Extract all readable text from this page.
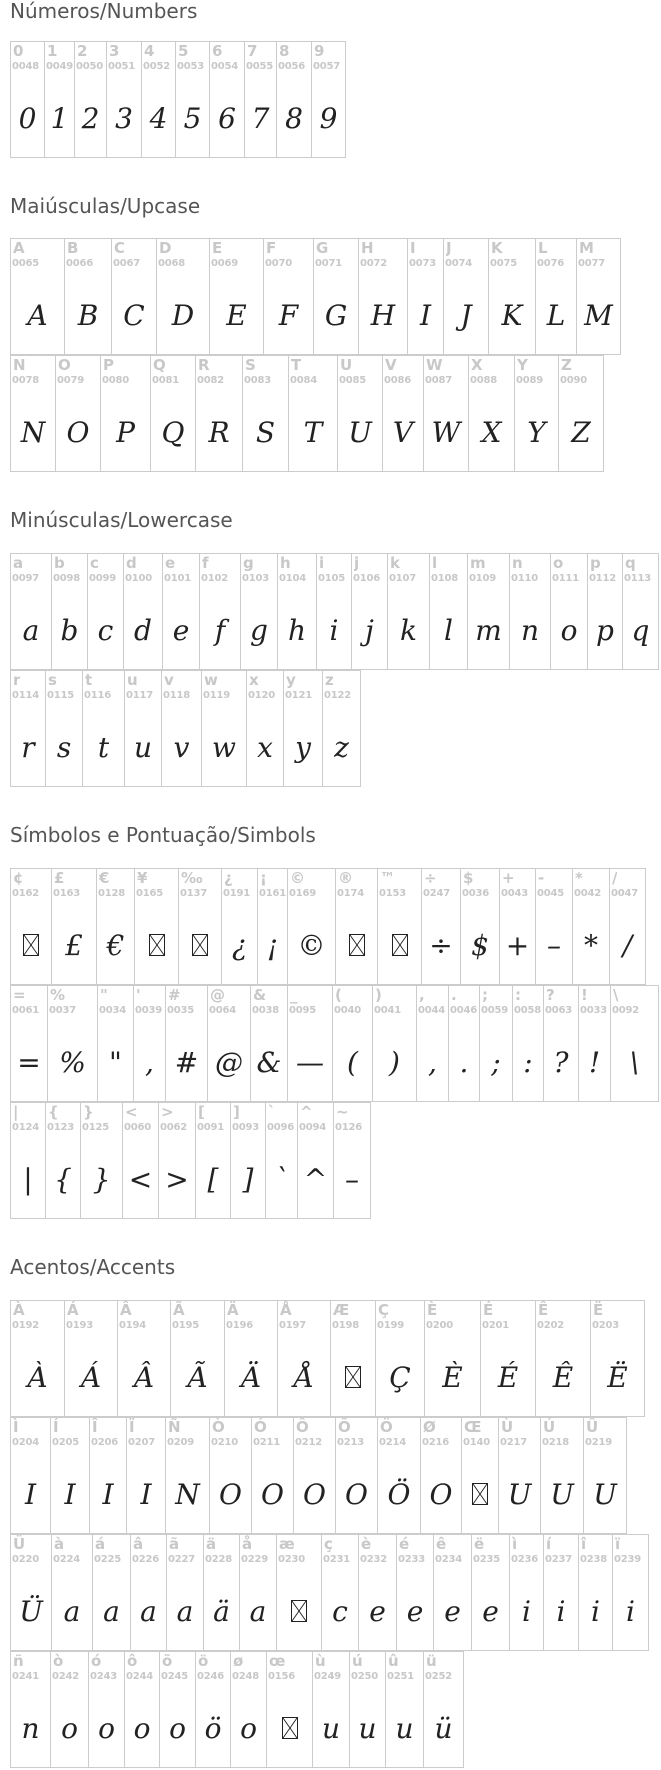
Números/Numbers
Maiúsculas/Upcase
Minúsculas/Lowercase
Símbolos e Pontuação/Simbols
Acentos/Accents
0
0048
0
1
0049
1
2
0050
2
3
0051
3
4
0052
4
5
0053
5
6
0054
6
7
0055
7
8
0056
8
9
0057
9
A
0065
A
B
0066
B
C
0067
C
D
0068
D
E
0069
E
F
0070
F
G
0071
G
H
0072
H
I
0073
I
J
0074
J
K
0075
K
L
0076
L
M
0077
M
N
0078
N
O
0079
O
P
0080
P
Q
0081
Q
R
0082
R
S
0083
S
T
0084
T
U
0085
U
V
0086
V
W
0087
W
X
0088
X
Y
0089
Y
Z
0090
Z
a
0097
a
b
0098
b
c
0099
c
d
0100
d
e
0101
e
f
0102
f
g
0103
g
h
0104
h
i
0105
i
j
0106
j
k
0107
k
l
0108
l
m
0109
m
n
0110
n
o
0111
o
p
0112
p
q
0113
q
r
0114
r
s
0115
s
t
0116
t
u
0117
u
v
0118
v
w
0119
w
x
0120
x
y
0121
y
z
0122
z
¢
0162
£
0163
£
€
0128
€
¥
0165
‰
0137
¿
0191
¿
¡
0161
¡
©
0169
©
®
0174
™
0153
÷
0247
÷
$
0036
$
+
0043
+
-
0045
–
*
0042
*
/
0047
/
=
0061
=
%
0037
%
"
0034
"
'
0039
,
#
0035
#
@
0064
@
&
0038
&
_
0095
—
(
0040
(
)
0041
)
,
0044
,
.
0046
.
;
0059
;
:
0058
:
?
0063
?
!
0033
!
\
0092
\
|
0124
|
{
0123
{
}
0125
}
<
0060
<
>
0062
>
[
0091
[
]
0093
]
`
0096
`
^
0094
^
~
0126
–
À
0192
À
Á
0193
Á
Â
0194
Â
Ã
0195
Ã
Ä
0196
Ä
Å
0197
Å
Æ
0198
Ç
0199
Ç
È
0200
È
É
0201
É
Ê
0202
Ê
Ë
0203
Ë
Ì
0204
I
Í
0205
I
Î
0206
I
Ï
0207
I
Ñ
0209
N
Ò
0210
O
Ó
0211
O
Ô
0212
O
Õ
0213
O
Ö
0214
Ö
Ø
0216
O
Œ
0140
Ù
0217
U
Ú
0218
U
Û
0219
U
Ü
0220
Ü
à
0224
a
á
0225
a
â
0226
a
ã
0227
a
ä
0228
ä
å
0229
a
æ
0230
ç
0231
c
è
0232
e
é
0233
e
ê
0234
e
ë
0235
e
ì
0236
i
í
0237
i
î
0238
i
ï
0239
i
ñ
0241
n
ò
0242
o
ó
0243
o
ô
0244
o
õ
0245
o
ö
0246
ö
ø
0248
o
œ
0156
ù
0249
u
ú
0250
u
û
0251
u
ü
0252
ü
